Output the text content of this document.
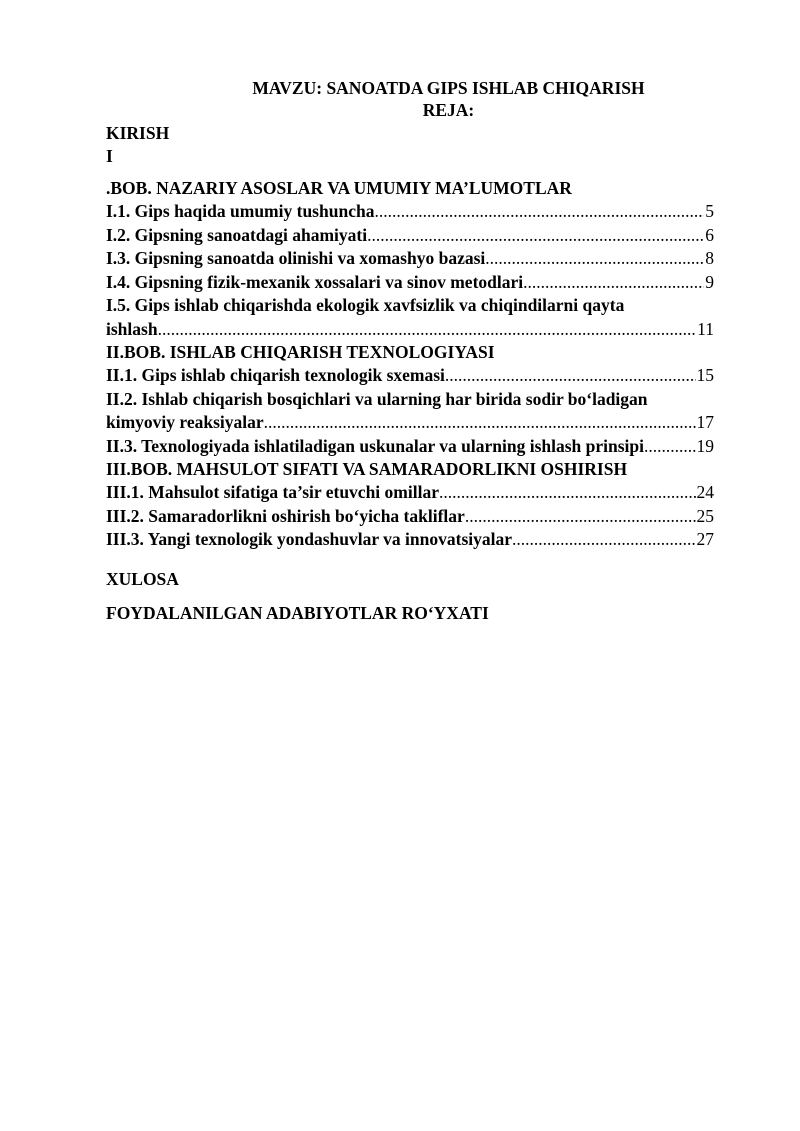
MAVZU: SANOATDA GIPS ISHLAB CHIQARISH

REJA:

KIRISH

I

.BOB. NAZARIY ASOSLAR VA UMUMIY MA’LUMOTLAR

I.1. Gips haqida umumiy tushuncha .....	5
I.2. Gipsning sanoatdagi ahamiyati .....	6
I.3. Gipsning sanoatda olinishi va xomashyo bazasi .....	8
I.4. Gipsning fizik-mexanik xossalari va sinov metodlari .....	9

I.5. Gips ishlab chiqarishda ekologik xavfsizlik va chiqindilarni qayta

ishlash .....	11

II.BOB. ISHLAB CHIQARISH TEXNOLOGIYASI

II.1. Gips ishlab chiqarish texnologik sxemasi .....	15

II.2. Ishlab chiqarish bosqichlari va ularning har birida sodir bo‘ladigan

kimyoviy reaksiyalar .....	17
II.3. Texnologiyada ishlatiladigan uskunalar va ularning ishlash prinsipi .....	19

III.BOB. MAHSULOT SIFATI VA SAMARADORLIKNI OSHIRISH

III.1. Mahsulot sifatiga ta’sir etuvchi omillar .....	24
III.2. Samaradorlikni oshirish bo‘yicha takliflar .....	25
III.3. Yangi texnologik yondashuvlar va innovatsiyalar .....	27

XULOSA

FOYDALANILGAN ADABIYOTLAR RO‘YXATI
